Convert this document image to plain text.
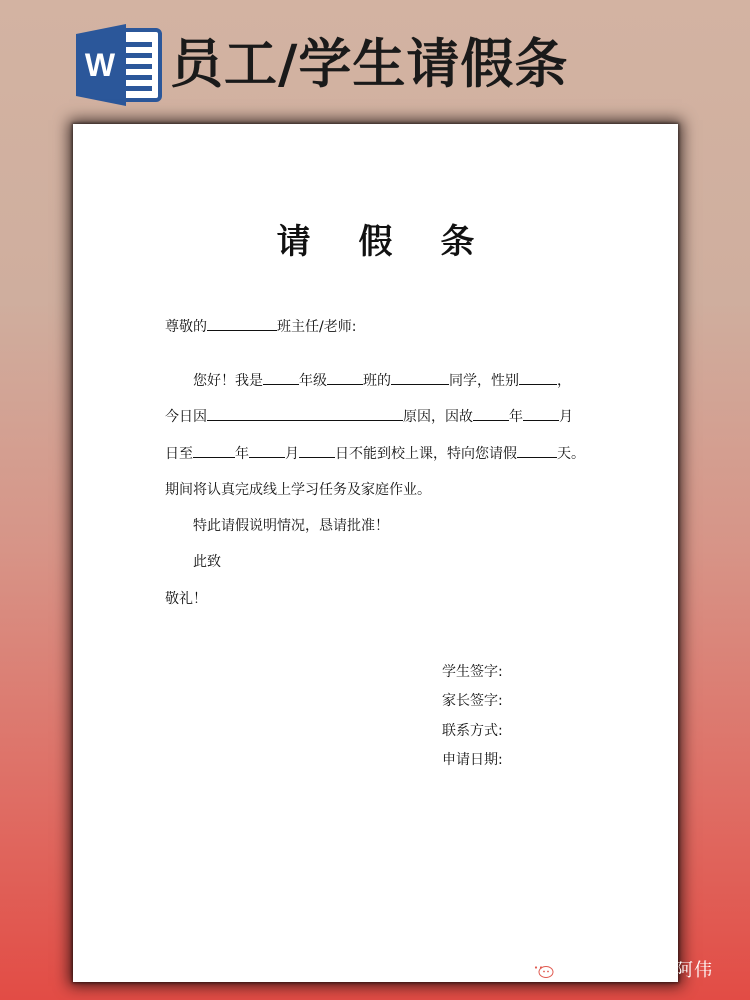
W 员工/学生请假条
请 假 条
尊敬的	班主任/老师:
您好！我是	年级	班的	同学，性别	，
今日因	原因，因故	年	月
日至	年	月	日不能到校上课，特向您请假	天。
期间将认真完成线上学习任务及家庭作业。
特此请假说明情况，恳请批准！
此致
敬礼！
学生签字:
家长签字:
联系方式:
申请日期:
公众号 · 模板阿伟
